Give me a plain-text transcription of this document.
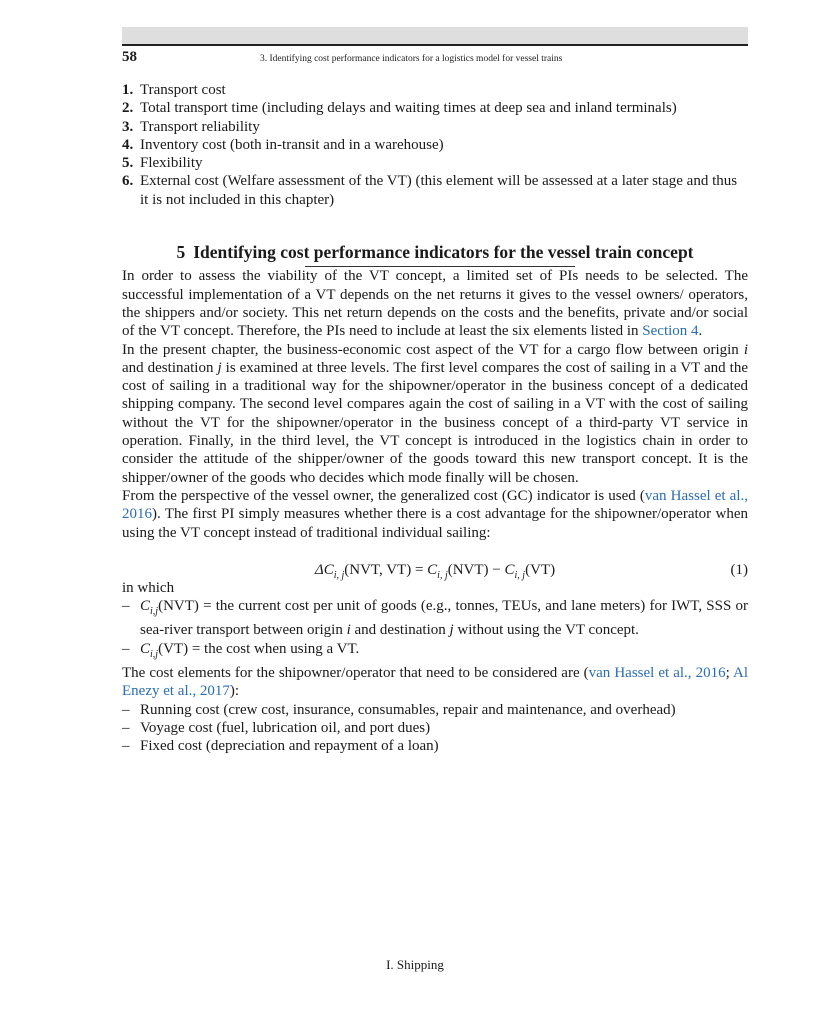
58	3. Identifying cost performance indicators for a logistics model for vessel trains
1. Transport cost
2. Total transport time (including delays and waiting times at deep sea and inland terminals)
3. Transport reliability
4. Inventory cost (both in-transit and in a warehouse)
5. Flexibility
6. External cost (Welfare assessment of the VT) (this element will be assessed at a later stage and thus it is not included in this chapter)
5 Identifying cost performance indicators for the vessel train concept

In order to assess the viability of the VT concept, a limited set of PIs needs to be selected. The successful implementation of a VT depends on the net returns it gives to the vessel owners/ operators, the shippers and/or society. This net return depends on the costs and the benefits, private and/or social of the VT concept. Therefore, the PIs need to include at least the six elements listed in Section 4.

In the present chapter, the business-economic cost aspect of the VT for a cargo flow between origin i and destination j is examined at three levels. The first level compares the cost of sailing in a VT and the cost of sailing in a traditional way for the shipowner/operator in the business concept of a dedicated shipping company. The second level compares again the cost of sailing in a VT with the cost of sailing without the VT for the shipowner/operator in the business concept of a third-party VT service in operation. Finally, in the third level, the VT concept is introduced in the logistics chain in order to consider the attitude of the shipper/owner of the goods toward this new transport concept. It is the shipper/owner of the goods who decides which mode finally will be chosen.

From the perspective of the vessel owner, the generalized cost (GC) indicator is used (van Hassel et al., 2016). The first PI simply measures whether there is a cost advantage for the shipowner/operator when using the VT concept instead of traditional individual sailing:

$\Delta C_{i, j}(NVT$, $VT) = C_{i, j}(NVT) - C_{i, j}(VT)$	(1)

in which

– $C_{i,j}(NVT)$ = the current cost per unit of goods (e.g., tonnes, TEUs, and lane meters) for IWT, SSS or sea-river transport between origin i and destination j without using the VT concept.
– $C_{i,j}(VT)$ = the cost when using a VT.

The cost elements for the shipowner/operator that need to be considered are (van Hassel et al., 2016; Al Enezy et al., 2017):

– Running cost (crew cost, insurance, consumables, repair and maintenance, and overhead)
– Voyage cost (fuel, lubrication oil, and port dues)
– Fixed cost (depreciation and repayment of a loan)
I. Shipping
